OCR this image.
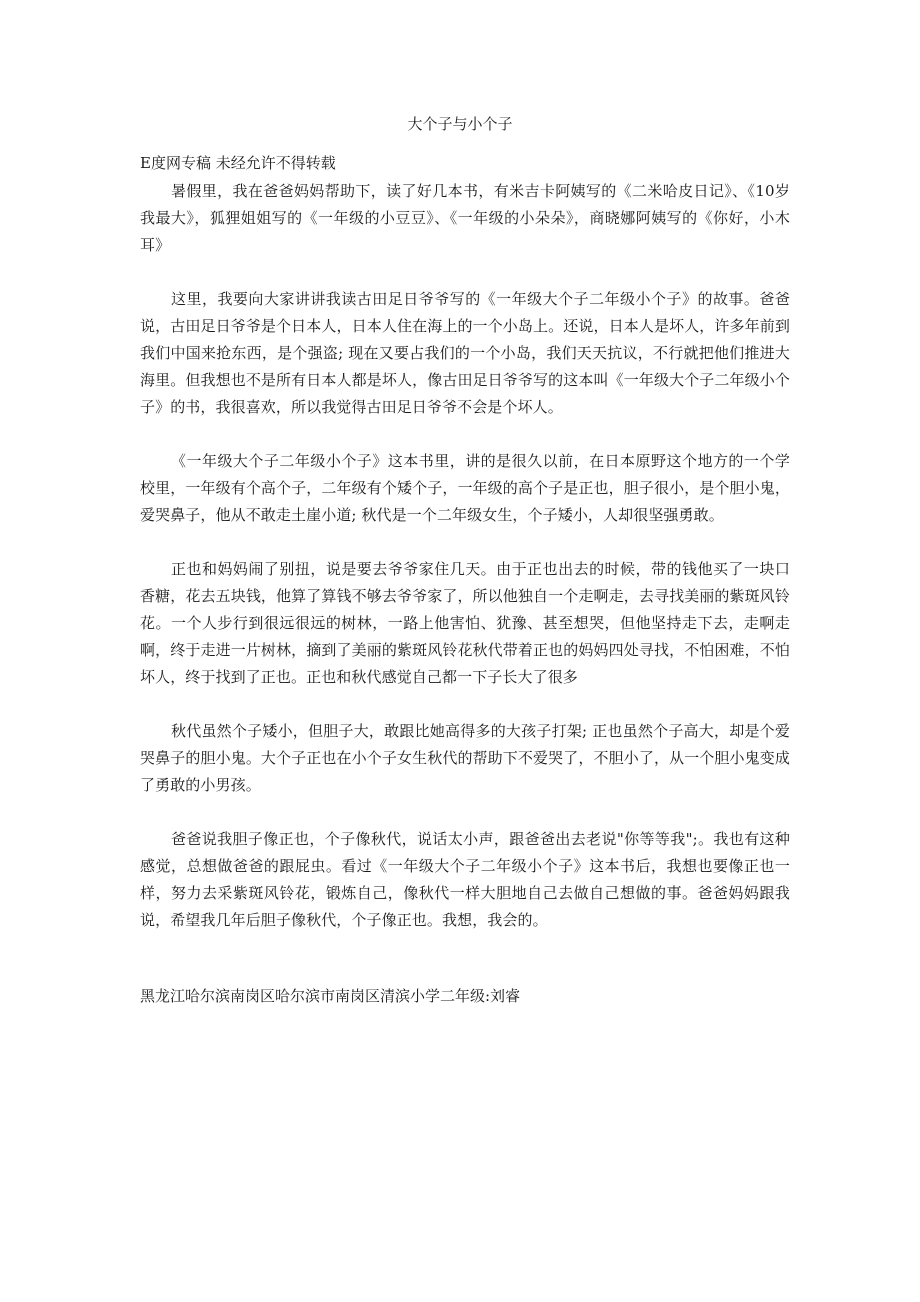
大个子与小个子
E度网专稿 未经允许不得转载

暑假里，我在爸爸妈妈帮助下，读了好几本书，有米吉卡阿姨写的《二米哈皮日记》、《10岁我最大》，狐狸姐姐写的《一年级的小豆豆》、《一年级的小朵朵》，商晓娜阿姨写的《你好，小木耳》

这里，我要向大家讲讲我读古田足日爷爷写的《一年级大个子二年级小个子》的故事。爸爸说，古田足日爷爷是个日本人，日本人住在海上的一个小岛上。还说，日本人是坏人，许多年前到我们中国来抢东西，是个强盗; 现在又要占我们的一个小岛，我们天天抗议，不行就把他们推进大海里。但我想也不是所有日本人都是坏人，像古田足日爷爷写的这本叫《一年级大个子二年级小个子》的书，我很喜欢，所以我觉得古田足日爷爷不会是个坏人。

《一年级大个子二年级小个子》这本书里，讲的是很久以前，在日本原野这个地方的一个学校里，一年级有个高个子，二年级有个矮个子，一年级的高个子是正也，胆子很小，是个胆小鬼，爱哭鼻子，他从不敢走土崖小道; 秋代是一个二年级女生，个子矮小，人却很坚强勇敢。

正也和妈妈闹了别扭，说是要去爷爷家住几天。由于正也出去的时候，带的钱他买了一块口香糖，花去五块钱，他算了算钱不够去爷爷家了，所以他独自一个走啊走，去寻找美丽的紫斑风铃花。一个人步行到很远很远的树林，一路上他害怕、犹豫、甚至想哭，但他坚持走下去，走啊走啊，终于走进一片树林，摘到了美丽的紫斑风铃花秋代带着正也的妈妈四处寻找，不怕困难，不怕坏人，终于找到了正也。正也和秋代感觉自己都一下子长大了很多

秋代虽然个子矮小，但胆子大，敢跟比她高得多的大孩子打架; 正也虽然个子高大，却是个爱哭鼻子的胆小鬼。大个子正也在小个子女生秋代的帮助下不爱哭了，不胆小了，从一个胆小鬼变成了勇敢的小男孩。

爸爸说我胆子像正也，个子像秋代，说话太小声，跟爸爸出去老说"你等等我";。我也有这种感觉，总想做爸爸的跟屁虫。看过《一年级大个子二年级小个子》这本书后，我想也要像正也一样，努力去采紫斑风铃花，锻炼自己，像秋代一样大胆地自己去做自己想做的事。爸爸妈妈跟我说，希望我几年后胆子像秋代，个子像正也。我想，我会的。

黑龙江哈尔滨南岗区哈尔滨市南岗区清滨小学二年级:刘睿
